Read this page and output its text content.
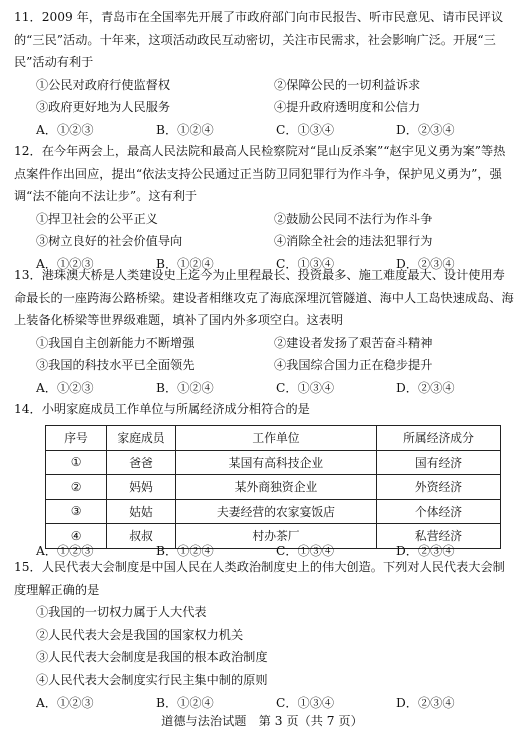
11．2009 年，青岛市在全国率先开展了市政府部门向市民报告、听市民意见、请市民评议的“三民”活动。十年来，这项活动政民互动密切，关注市民需求，社会影响广泛。开展“三民”活动有利于
①公民对政府行使监督权	②保障公民的一切利益诉求
③政府更好地为人民服务	④提升政府透明度和公信力
A．①②③	B．①②④	C．①③④	D．②③④
12．在今年两会上，最高人民法院和最高人民检察院对“昆山反杀案”“赵宇见义勇为案”等热点案件作出回应，提出“依法支持公民通过正当防卫同犯罪行为作斗争，保护见义勇为”，强调“法不能向不法让步”。这有利于
①捍卫社会的公平正义	②鼓励公民同不法行为作斗争
③树立良好的社会价值导向	④消除全社会的违法犯罪行为
A．①②③	B．①②④	C．①③④	D．②③④
13．港珠澳大桥是人类建设史上迄今为止里程最长、投资最多、施工难度最大、设计使用寿命最长的一座跨海公路桥梁。建设者相继攻克了海底深埋沉管隧道、海中人工岛快速成岛、海上装备化桥梁等世界级难题，填补了国内外多项空白。这表明
①我国自主创新能力不断增强	②建设者发扬了艰苦奋斗精神
③我国的科技水平已全面领先	④我国综合国力正在稳步提升
A．①②③	B．①②④	C．①③④	D．②③④
14．小明家庭成员工作单位与所属经济成分相符合的是
序号	家庭成员	工作单位	所属经济成分
①	爸爸	某国有高科技企业	国有经济
②	妈妈	某外商独资企业	外资经济
③	姑姑	夫妻经营的农家宴饭店	个体经济
④	叔叔	村办茶厂	私营经济
A．①②③	B．①②④	C．①③④	D．②③④
15．人民代表大会制度是中国人民在人类政治制度史上的伟大创造。下列对人民代表大会制度理解正确的是
①我国的一切权力属于人大代表
②人民代表大会是我国的国家权力机关
③人民代表大会制度是我国的根本政治制度
④人民代表大会制度实行民主集中制的原则
A．①②③	B．①②④	C．①③④	D．②③④
道德与法治试题　第 3 页（共 7 页）
